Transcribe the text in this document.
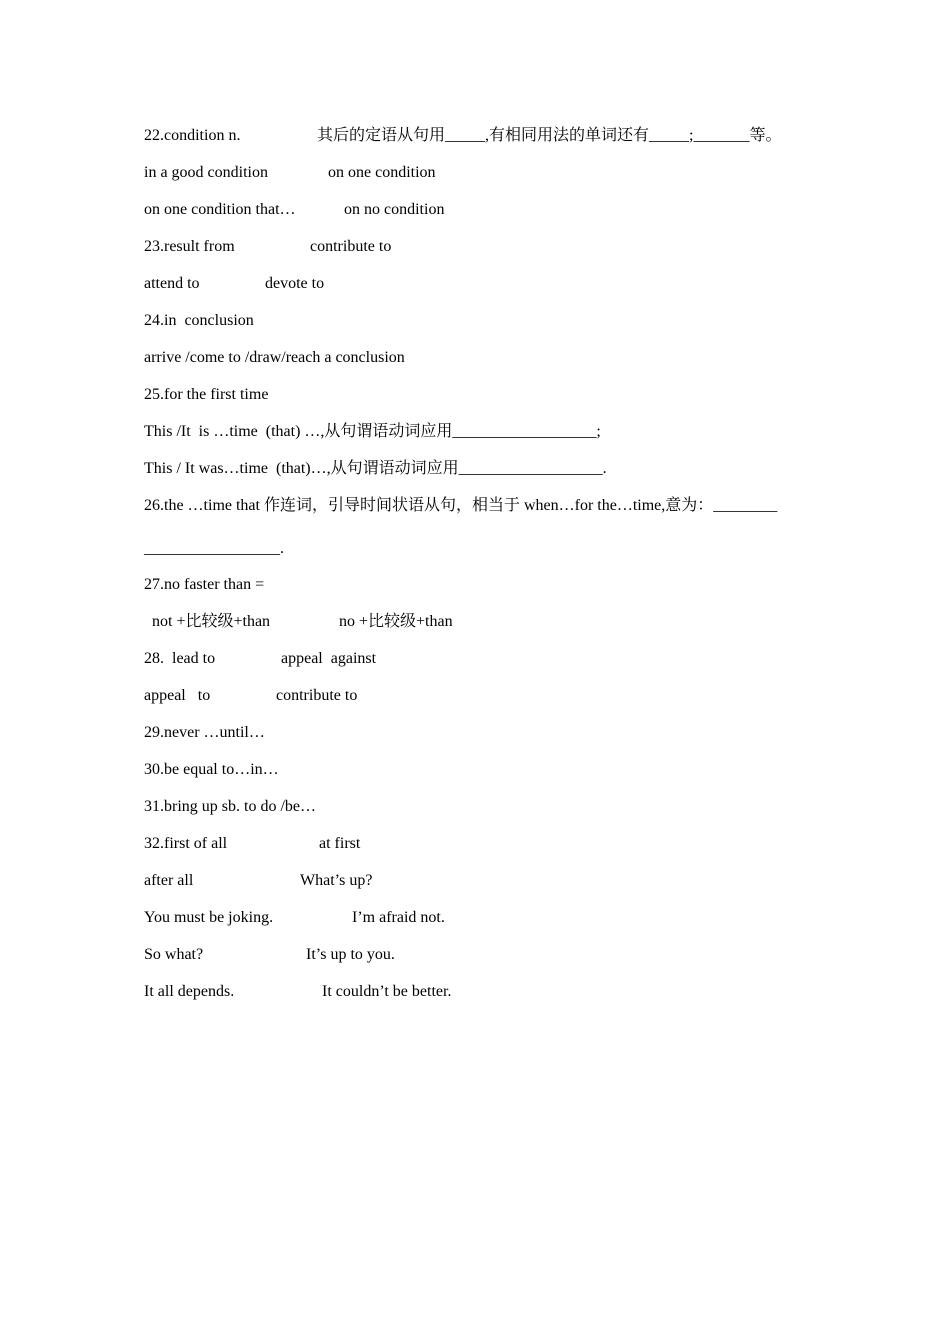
22.condition n.

	其后的定语从句用_____,有相同用法的单词还有_____;_______等。

in a good condition

	on one condition

on one condition that…

	on no condition

23.result from

	contribute to

attend to

	devote to

24.in  conclusion

arrive /come to /draw/reach a conclusion

25.for the first time

This /It  is …time  (that) …,从句谓语动词应用__________________;

This / It was…time  (that)…,从句谓语动词应用__________________.

26.the …time that 作连词，引导时间状语从句，相当于 when…for the…time,意为：________

_________________.

27.no faster than =

not +比较级+than

	no +比较级+than

28.  lead to

	appeal  against

appeal   to

	contribute to

29.never …until…

30.be equal to…in…

31.bring up sb. to do /be…

32.first of all

	at first

after all

	What’s up?

You must be joking.

	I’m afraid not.

So what?

	It’s up to you.

It all depends.

	It couldn’t be better.
